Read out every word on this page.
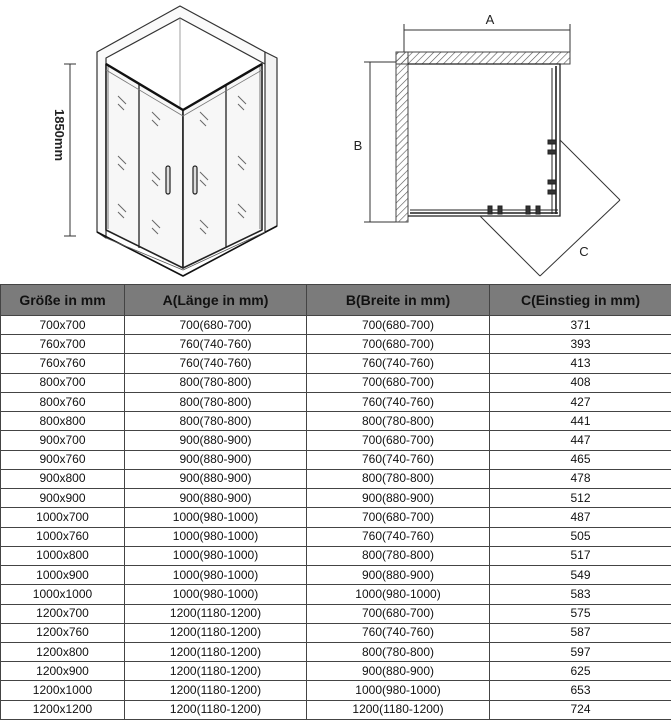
1850mm
A
B
C
Größe in mm	A(Länge in mm)	B(Breite in mm)	C(Einstieg in mm)
700x700	700(680-700)	700(680-700)	371
760x700	760(740-760)	700(680-700)	393
760x760	760(740-760)	760(740-760)	413
800x700	800(780-800)	700(680-700)	408
800x760	800(780-800)	760(740-760)	427
800x800	800(780-800)	800(780-800)	441
900x700	900(880-900)	700(680-700)	447
900x760	900(880-900)	760(740-760)	465
900x800	900(880-900)	800(780-800)	478
900x900	900(880-900)	900(880-900)	512
1000x700	1000(980-1000)	700(680-700)	487
1000x760	1000(980-1000)	760(740-760)	505
1000x800	1000(980-1000)	800(780-800)	517
1000x900	1000(980-1000)	900(880-900)	549
1000x1000	1000(980-1000)	1000(980-1000)	583
1200x700	1200(1180-1200)	700(680-700)	575
1200x760	1200(1180-1200)	760(740-760)	587
1200x800	1200(1180-1200)	800(780-800)	597
1200x900	1200(1180-1200)	900(880-900)	625
1200x1000	1200(1180-1200)	1000(980-1000)	653
1200x1200	1200(1180-1200)	1200(1180-1200)	724
